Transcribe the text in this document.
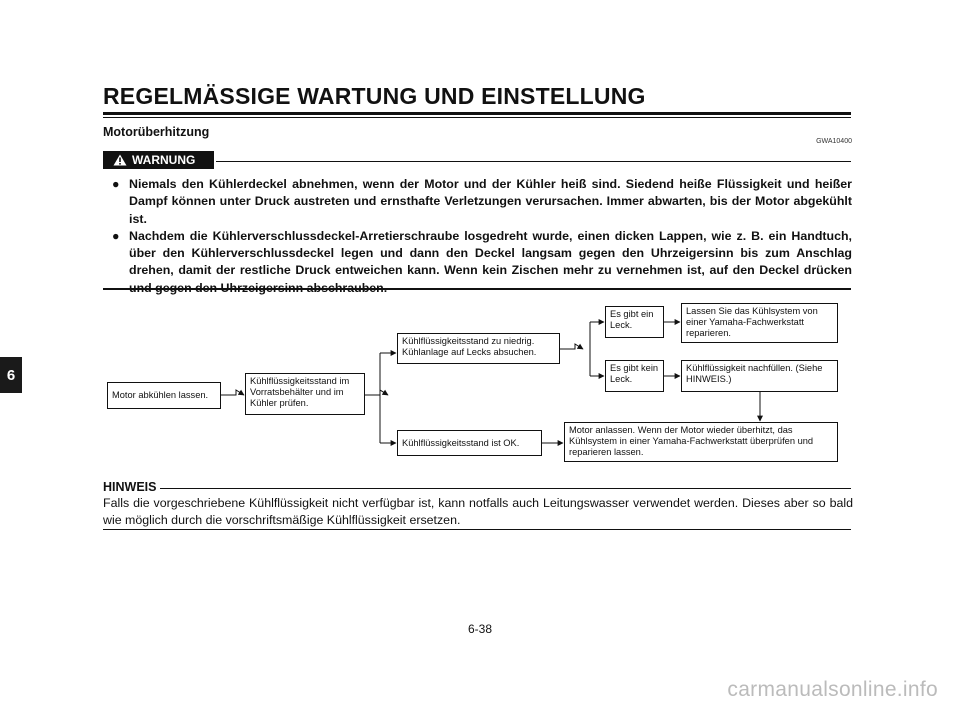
6
REGELMÄSSIGE WARTUNG UND EINSTELLUNG
Motorüberhitzung
GWA10400
WARNUNG
● Niemals den Kühlerdeckel abnehmen, wenn der Motor und der Kühler heiß sind. Siedend heiße Flüssigkeit und heißer Dampf können unter Druck austreten und ernsthafte Verletzungen verursachen. Immer abwarten, bis der Motor abgekühlt ist.
● Nachdem die Kühlerverschlussdeckel-Arretierschraube losgedreht wurde, einen dicken Lappen, wie z. B. ein Handtuch, über den Kühlerverschlussdeckel legen und dann den Deckel langsam gegen den Uhrzeigersinn bis zum Anschlag drehen, damit der restliche Druck entweichen kann. Wenn kein Zischen mehr zu vernehmen ist, auf den Deckel drücken und gegen den Uhrzeigersinn abschrauben.
Motor abkühlen lassen.
Kühlflüssigkeitsstand im Vorratsbehälter und im Kühler prüfen.
Kühlflüssigkeitsstand zu niedrig. Kühlanlage auf Lecks absuchen.
Kühlflüssigkeitsstand ist OK.
Es gibt ein Leck.
Es gibt kein Leck.
Lassen Sie das Kühlsystem von einer Yamaha-Fachwerkstatt reparieren.
Kühlflüssigkeit nachfüllen. (Siehe HINWEIS.)
Motor anlassen. Wenn der Motor wieder überhitzt, das Kühlsystem in einer Yamaha-Fachwerkstatt überprüfen und reparieren lassen.
HINWEIS
Falls die vorgeschriebene Kühlflüssigkeit nicht verfügbar ist, kann notfalls auch Leitungswasser verwendet werden. Dieses aber so bald wie möglich durch die vorschriftsmäßige Kühlflüssigkeit ersetzen.
6-38
carmanualsonline.info
